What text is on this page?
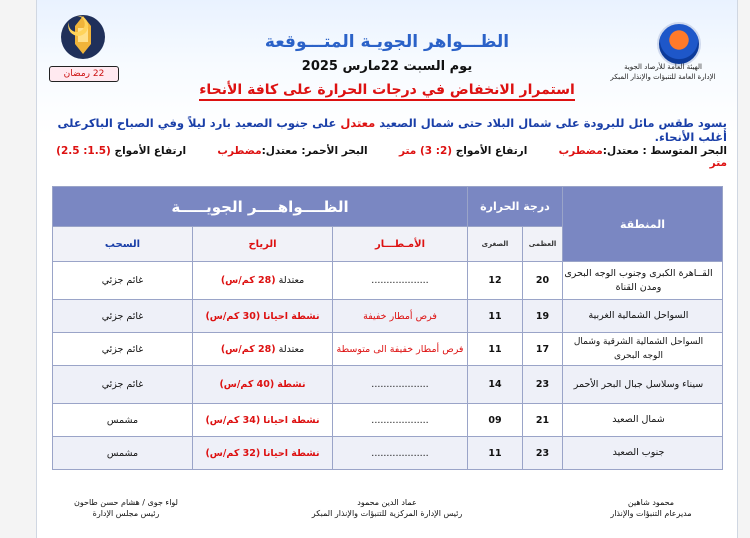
22 رمضان
الهيئة العامة للأرصاد الجوية
الإدارة العامة للتنبؤات والإنذار المبكر
الظـــواهر الجويـة المتـــوقعة
يوم السبت 22مارس 2025
استمرار الانخفاض في درجات الحرارة على كافة الأنحاء
يسود طقس مائل للبرودة على شمال البلاد حتى شمال الصعيد معتدل على جنوب الصعيد بارد ليلاً وفي الصباح الباكرعلى أغلب الأنحاء.
البحر المتوسط : معتدل:مضطرب  ارتفاع الأمواج (2: 3) متر  البحر الأحمر: معتدل:مضطرب  ارتفاع الأمواج (1.5: 2.5) متر
المنطقة	درجة الحرارة		الظــــواهــــر الجويـــــة		
	العظمى	الصغرى	الأمـطـــار	الرياح	السحب
القــاهرة الكبرى وجنوب الوجه البحرى ومدن القناة	20	12	...................	معتدلة (28 كم/س)	غائم جزئي
السواحل الشمالية الغربية	19	11	فرص أمطار خفيفة	نشطة احيانا (30 كم/س)	غائم جزئي
السواحل الشمالية الشرقية وشمال الوجه البحرى	17	11	فرص أمطار خفيفة الى متوسطة	معتدلة (28 كم/س)	غائم جزئي
سيناء وسلاسل جبال البحر الأحمر	23	14	...................	نشطة (40 كم/س)	غائم جزئي
شمال الصعيد	21	09	...................	نشطة احيانا (34 كم/س)	مشمس
جنوب الصعيد	23	11	...................	نشطة احيانا (32 كم/س)	مشمس
محمود شاهين
مديرعام التنبؤات والإنذار
عماد الدين محمود
رئيس الإدارة المركزية للتنبؤات والإنذار المبكر
لواء جوى / هشام حسن طاحون
رئيس مجلس الإدارة
